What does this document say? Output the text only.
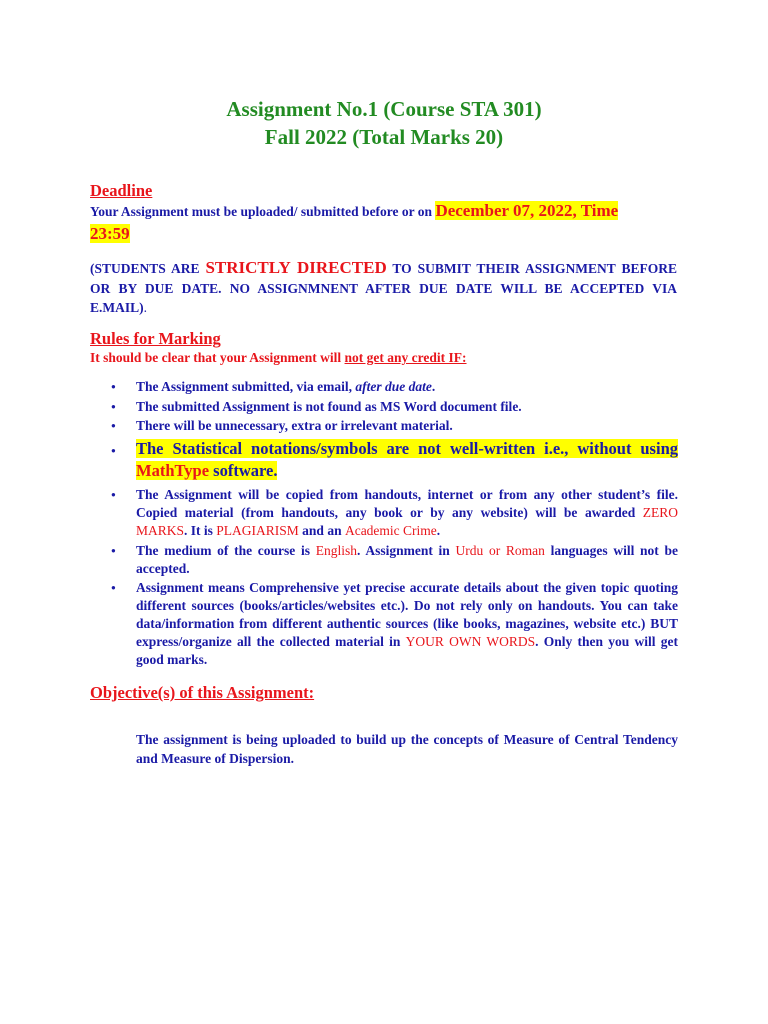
Assignment No.1 (Course STA 301)
Fall 2022 (Total Marks 20)
Deadline
Your Assignment must be uploaded/ submitted before or on December 07, 2022, Time
23:59
(STUDENTS ARE STRICTLY DIRECTED TO SUBMIT THEIR ASSIGNMENT BEFORE OR BY DUE DATE. NO ASSIGNMNENT AFTER DUE DATE WILL BE ACCEPTED VIA E.MAIL).
Rules for Marking
It should be clear that your Assignment will not get any credit IF:
● The Assignment submitted, via email, after due date.
● The submitted Assignment is not found as MS Word document file.
● There will be unnecessary, extra or irrelevant material.
● The Statistical notations/symbols are not well-written i.e., without using MathType software.
● The Assignment will be copied from handouts, internet or from any other student’s file. Copied material (from handouts, any book or by any website) will be awarded ZERO MARKS. It is PLAGIARISM and an Academic Crime.
● The medium of the course is English. Assignment in Urdu or Roman languages will not be accepted.
● Assignment means Comprehensive yet precise accurate details about the given topic quoting different sources (books/articles/websites etc.). Do not rely only on handouts. You can take data/information from different authentic sources (like books, magazines, website etc.) BUT express/organize all the collected material in YOUR OWN WORDS. Only then you will get good marks.
Objective(s) of this Assignment:
The assignment is being uploaded to build up the concepts of Measure of Central Tendency and Measure of Dispersion.
